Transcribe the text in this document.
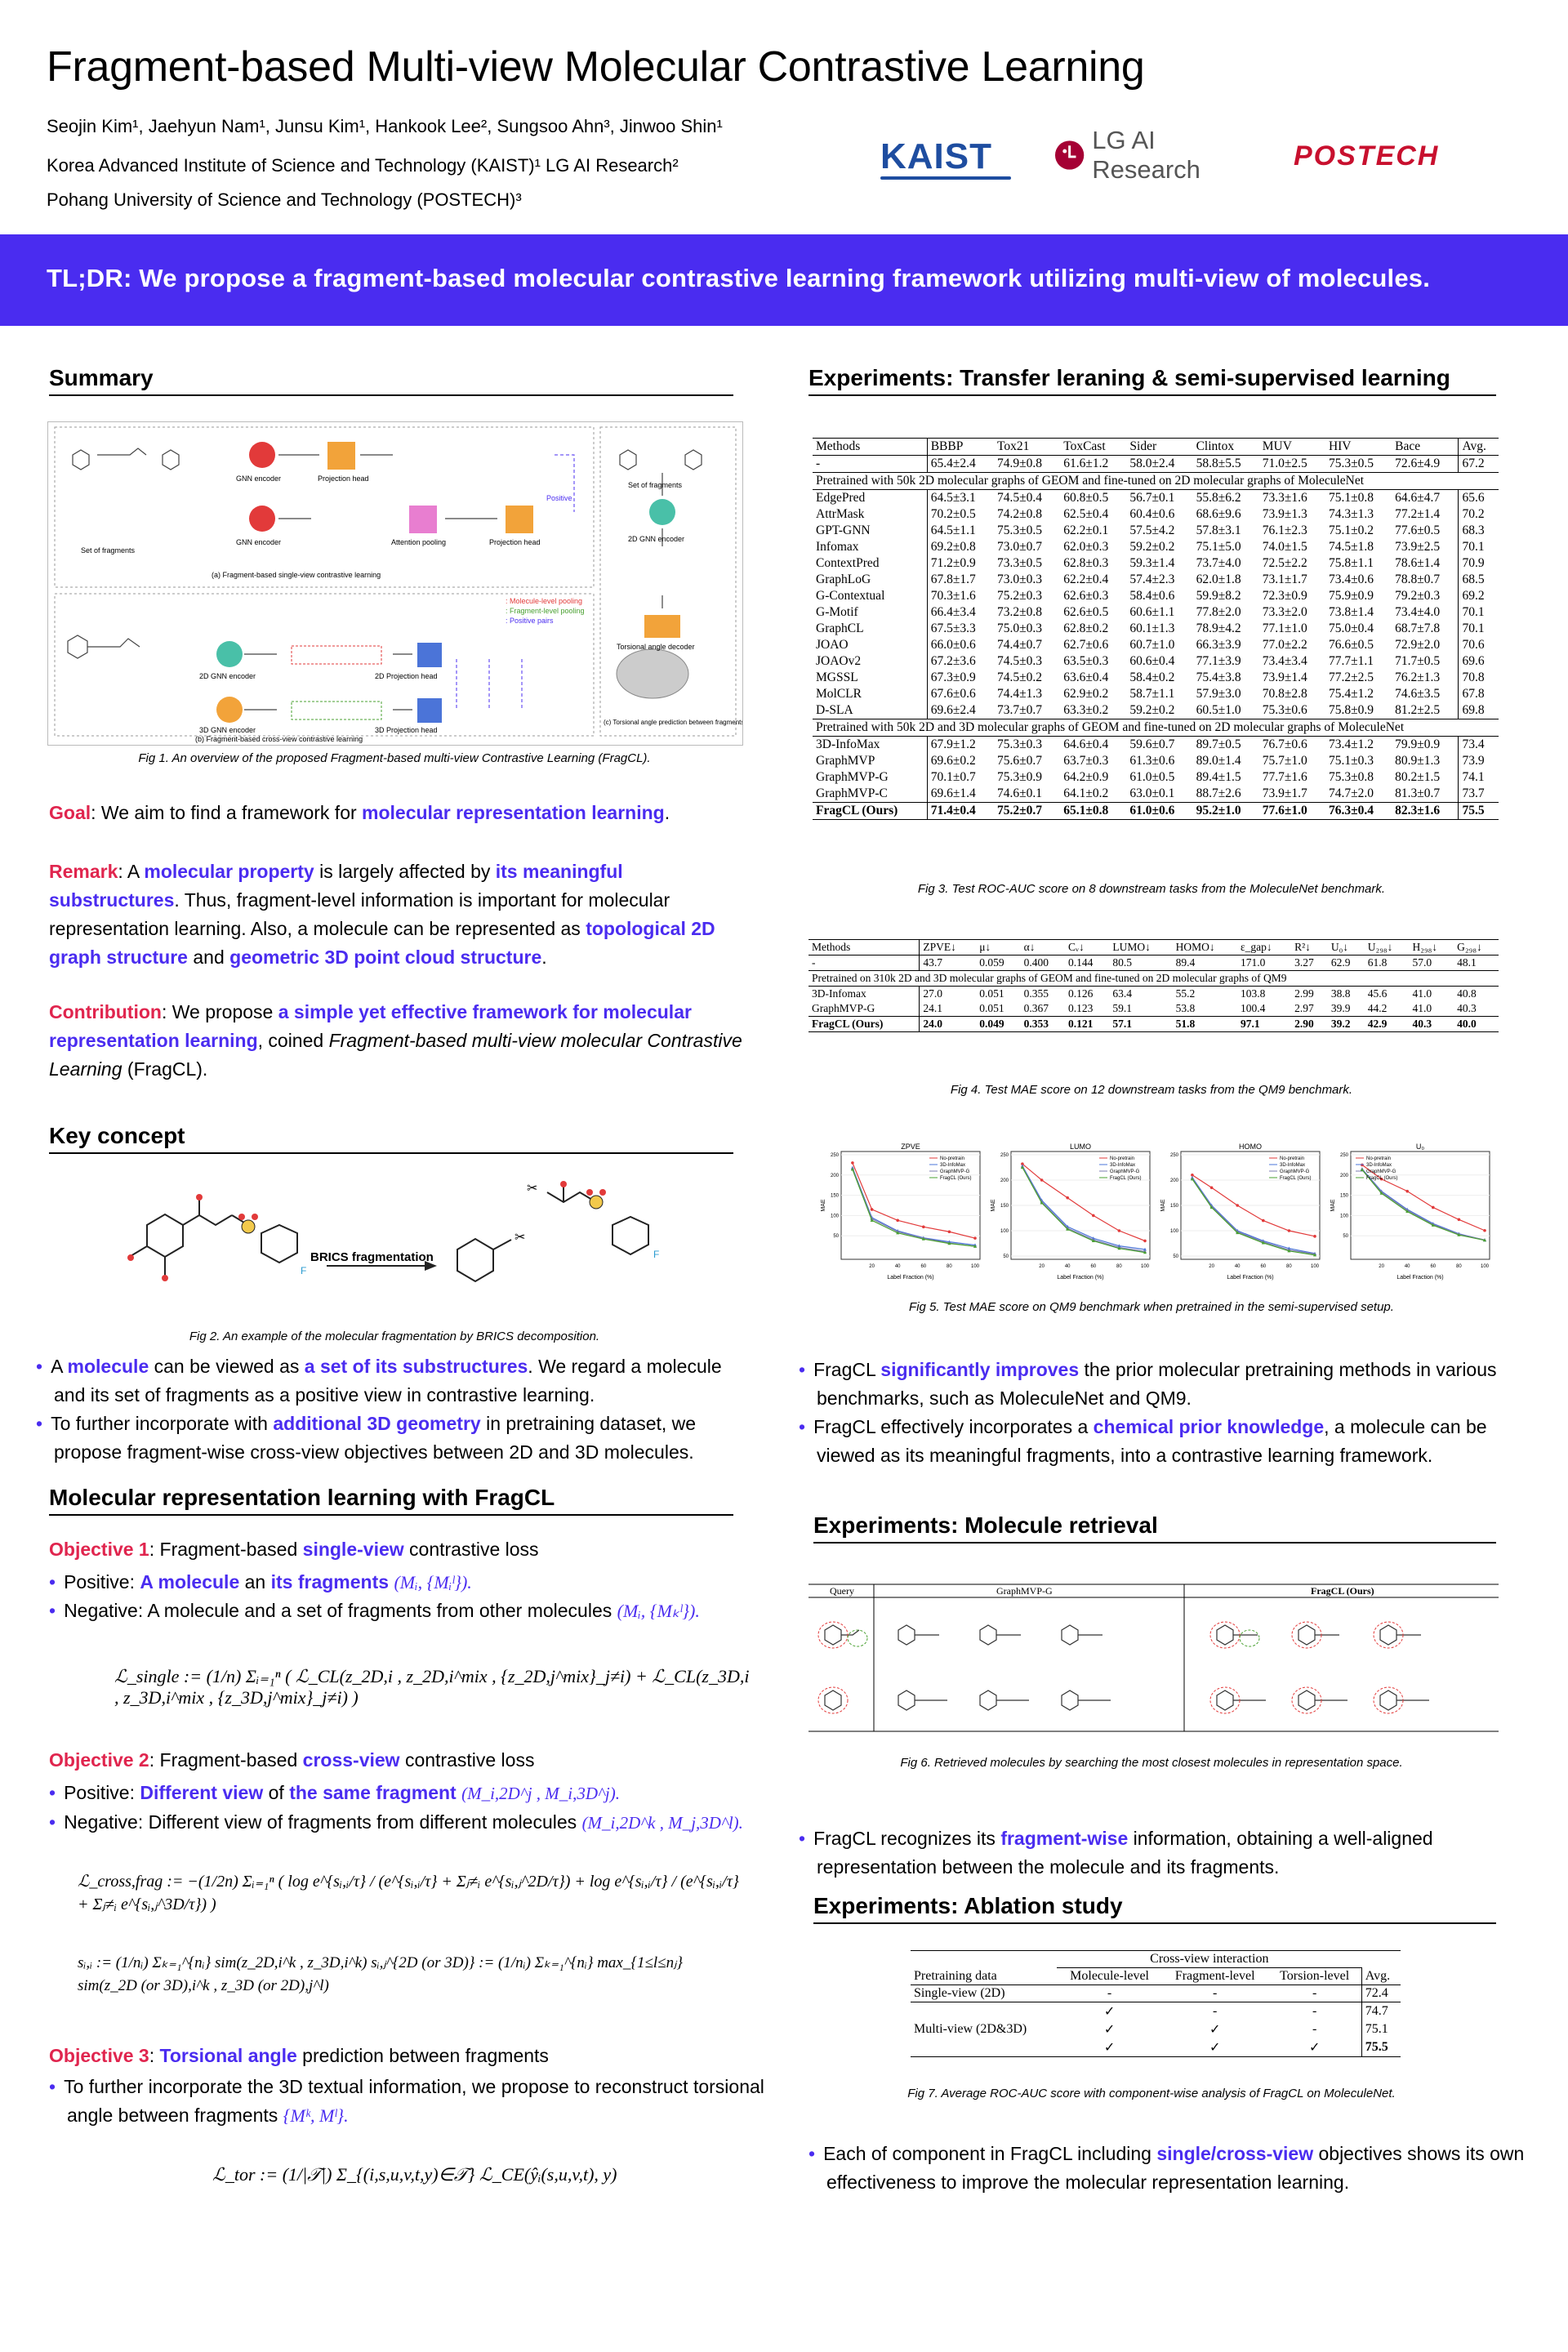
Fragment-based Multi-view Molecular Contrastive Learning
Seojin Kim¹, Jaehyun Nam¹, Junsu Kim¹, Hankook Lee², Sungsoo Ahn³, Jinwoo Shin¹
Korea Advanced Institute of Science and Technology (KAIST)¹ LG AI Research²
Pohang University of Science and Technology (POSTECH)³
KAIST	LG AI Research	POSTECH
TL;DR: We propose a fragment-based molecular contrastive learning framework utilizing multi-view of molecules.
Summary
GNN encoder	Projection head
Positive
Set of fragments
GNN encoder	Attention pooling	Projection head
(a) Fragment-based single-view contrastive learning
: Molecule-level pooling
: Fragment-level pooling
: Positive pairs
2D GNN encoder	2D Projection head
3D GNN encoder	3D Projection head
(b) Fragment-based cross-view contrastive learning
Set of fragments
2D GNN encoder
Torsional angle decoder
(c) Torsional angle prediction between fragments
Fig 1. An overview of the proposed Fragment-based multi-view Contrastive Learning (FragCL).
Goal: We aim to find a framework for molecular representation learning.
Remark: A molecular property is largely affected by its meaningful substructures. Thus, fragment-level information is important for molecular representation learning. Also, a molecule can be represented as topological 2D graph structure and geometric 3D point cloud structure.
Contribution: We propose a simple yet effective framework for molecular representation learning, coined Fragment-based multi-view molecular Contrastive Learning (FragCL).
Key concept
BRICS fragmentation
F
F
✂
✂
Fig 2. An example of the molecular fragmentation by BRICS decomposition.
• A molecule can be viewed as a set of its substructures. We regard a molecule and its set of fragments as a positive view in contrastive learning.
• To further incorporate with additional 3D geometry in pretraining dataset, we propose fragment-wise cross-view objectives between 2D and 3D molecules.
Molecular representation learning with FragCL
Objective 1: Fragment-based single-view contrastive loss
• Positive: A molecule an its fragments (Mᵢ, {Mᵢˡ}).
• Negative: A molecule and a set of fragments from other molecules (Mᵢ, {Mₖˡ}).
ℒ_single := (1/n) Σᵢ₌₁ⁿ ( ℒ_CL(z_2D,i , z_2D,i^mix , {z_2D,j^mix}_j≠i) + ℒ_CL(z_3D,i , z_3D,i^mix , {z_3D,j^mix}_j≠i) )
Objective 2: Fragment-based cross-view contrastive loss
• Positive: Different view of the same fragment (M_i,2D^j , M_i,3D^j).
• Negative: Different view of fragments from different molecules (M_i,2D^k , M_j,3D^l).
ℒ_cross,frag := −(1/2n) Σᵢ₌₁ⁿ ( log e^{sᵢ,ᵢ/τ} / (e^{sᵢ,ᵢ/τ} + Σⱼ≠ᵢ e^{sᵢ,ⱼ^2D/τ}) + log e^{sᵢ,ᵢ/τ} / (e^{sᵢ,ᵢ/τ} + Σⱼ≠ᵢ e^{sᵢ,ⱼ^3D/τ}) )
sᵢ,ᵢ := (1/nᵢ) Σₖ₌₁^{nᵢ} sim(z_2D,i^k , z_3D,i^k) sᵢ,ⱼ^{2D (or 3D)} := (1/nᵢ) Σₖ₌₁^{nᵢ} max_{1≤l≤nⱼ} sim(z_2D (or 3D),i^k , z_3D (or 2D),j^l)
Objective 3: Torsional angle prediction between fragments
• To further incorporate the 3D textual information, we propose to reconstruct torsional angle between fragments {Mᵏ, Mˡ}.
ℒ_tor := (1/|𝒯|) Σ_{(i,s,u,v,t,y)∈𝒯} ℒ_CE(ŷᵢ(s,u,v,t), y)
Experiments: Transfer leraning & semi-supervised learning
Methods	BBBP	Tox21	ToxCast	Sider	Clintox	MUV	HIV	Bace	Avg.
-	65.4±2.4	74.9±0.8	61.6±1.2	58.0±2.4	58.8±5.5	71.0±2.5	75.3±0.5	72.6±4.9	67.2
Pretrained with 50k 2D molecular graphs of GEOM and fine-tuned on 2D molecular graphs of MoleculeNet									
EdgePred	64.5±3.1	74.5±0.4	60.8±0.5	56.7±0.1	55.8±6.2	73.3±1.6	75.1±0.8	64.6±4.7	65.6
AttrMask	70.2±0.5	74.2±0.8	62.5±0.4	60.4±0.6	68.6±9.6	73.9±1.3	74.3±1.3	77.2±1.4	70.2
GPT-GNN	64.5±1.1	75.3±0.5	62.2±0.1	57.5±4.2	57.8±3.1	76.1±2.3	75.1±0.2	77.6±0.5	68.3
Infomax	69.2±0.8	73.0±0.7	62.0±0.3	59.2±0.2	75.1±5.0	74.0±1.5	74.5±1.8	73.9±2.5	70.1
ContextPred	71.2±0.9	73.3±0.5	62.8±0.3	59.3±1.4	73.7±4.0	72.5±2.2	75.8±1.1	78.6±1.4	70.9
GraphLoG	67.8±1.7	73.0±0.3	62.2±0.4	57.4±2.3	62.0±1.8	73.1±1.7	73.4±0.6	78.8±0.7	68.5
G-Contextual	70.3±1.6	75.2±0.3	62.6±0.3	58.4±0.6	59.9±8.2	72.3±0.9	75.9±0.9	79.2±0.3	69.2
G-Motif	66.4±3.4	73.2±0.8	62.6±0.5	60.6±1.1	77.8±2.0	73.3±2.0	73.8±1.4	73.4±4.0	70.1
GraphCL	67.5±3.3	75.0±0.3	62.8±0.2	60.1±1.3	78.9±4.2	77.1±1.0	75.0±0.4	68.7±7.8	70.1
JOAO	66.0±0.6	74.4±0.7	62.7±0.6	60.7±1.0	66.3±3.9	77.0±2.2	76.6±0.5	72.9±2.0	70.6
JOAOv2	67.2±3.6	74.5±0.3	63.5±0.3	60.6±0.4	77.1±3.9	73.4±3.4	77.7±1.1	71.7±0.5	69.6
MGSSL	67.3±0.9	74.5±0.2	63.6±0.4	58.4±0.2	75.4±3.8	73.9±1.4	77.2±2.5	76.2±1.3	70.8
MolCLR	67.6±0.6	74.4±1.3	62.9±0.2	58.7±1.1	57.9±3.0	70.8±2.8	75.4±1.2	74.6±3.5	67.8
D-SLA	69.6±2.4	73.7±0.7	63.3±0.2	59.2±0.2	60.5±1.0	75.3±0.6	75.8±0.9	81.2±2.5	69.8
Pretrained with 50k 2D and 3D molecular graphs of GEOM and fine-tuned on 2D molecular graphs of MoleculeNet									
3D-InfoMax	67.9±1.2	75.3±0.3	64.6±0.4	59.6±0.7	89.7±0.5	76.7±0.6	73.4±1.2	79.9±0.9	73.4
GraphMVP	69.6±0.2	75.6±0.7	63.7±0.3	61.3±0.6	89.0±1.4	75.7±1.0	75.1±0.3	80.9±1.3	73.9
GraphMVP-G	70.1±0.7	75.3±0.9	64.2±0.9	61.0±0.5	89.4±1.5	77.7±1.6	75.3±0.8	80.2±1.5	74.1
GraphMVP-C	69.6±1.4	74.6±0.1	64.1±0.2	63.0±0.1	88.7±2.6	73.9±1.7	74.7±2.0	81.3±0.7	73.7
FragCL (Ours)	71.4±0.4	75.2±0.7	65.1±0.8	61.0±0.6	95.2±1.0	77.6±1.0	76.3±0.4	82.3±1.6	75.5
Fig 3. Test ROC-AUC score on 8 downstream tasks from the MoleculeNet benchmark.
Methods	ZPVE↓	μ↓	α↓	Cᵥ↓	LUMO↓	HOMO↓	ε_gap↓	R²↓	U₀↓	U₂₉₈↓	H₂₉₈↓	G₂₉₈↓
-	43.7	0.059	0.400	0.144	80.5	89.4	171.0	3.27	62.9	61.8	57.0	48.1
Pretrained on 310k 2D and 3D molecular graphs of GEOM and fine-tuned on 2D molecular graphs of QM9												
3D-Infomax	27.0	0.051	0.355	0.126	63.4	55.2	103.8	2.99	38.8	45.6	41.0	40.8
GraphMVP-G	24.1	0.051	0.367	0.123	59.1	53.8	100.4	2.97	39.9	44.2	41.0	40.3
FragCL (Ours)	24.0	0.049	0.353	0.121	57.1	51.8	97.1	2.90	39.2	42.9	40.3	40.0
Fig 4. Test MAE score on 12 downstream tasks from the QM9 benchmark.
ZPVE
Label Fraction (%)
MAE
20	40	60	80	100
50
100
150
200
250
No-pretrain
3D-InfoMax
GraphMVP-G
FragCL (Ours)
LUMO
Label Fraction (%)
MAE
20	40	60	80	100
50
100
150
200
250
No-pretrain
3D-InfoMax
GraphMVP-G
FragCL (Ours)
HOMO
Label Fraction (%)
MAE
20	40	60	80	100
50
100
150
200
250
No-pretrain
3D-InfoMax
GraphMVP-G
FragCL (Ours)
U₀
Label Fraction (%)
MAE
20	40	60	80	100
50
100
150
200
250
No-pretrain
3D-InfoMax
GraphMVP-G
FragCL (Ours)
Fig 5. Test MAE score on QM9 benchmark when pretrained in the semi-supervised setup.
• FragCL significantly improves the prior molecular pretraining methods in various benchmarks, such as MoleculeNet and QM9.
• FragCL effectively incorporates a chemical prior knowledge, a molecule can be viewed as its meaningful fragments, into a contrastive learning framework.
Experiments: Molecule retrieval
Query	GraphMVP-G	FragCL (Ours)
Fig 6. Retrieved molecules by searching the most closest molecules in representation space.
• FragCL recognizes its fragment-wise information, obtaining a well-aligned representation between the molecule and its fragments.
Experiments: Ablation study
	Cross-view interaction			
Pretraining data	Molecule-level	Fragment-level	Torsion-level	Avg.
Single-view (2D)	-	-	-	72.4
Multi-view (2D&3D)	✓	-	-	74.7
	✓	✓	-	75.1
	✓	✓	✓	75.5
Fig 7. Average ROC-AUC score with component-wise analysis of FragCL on MoleculeNet.
• Each of component in FragCL including single/cross-view objectives shows its own effectiveness to improve the molecular representation learning.
